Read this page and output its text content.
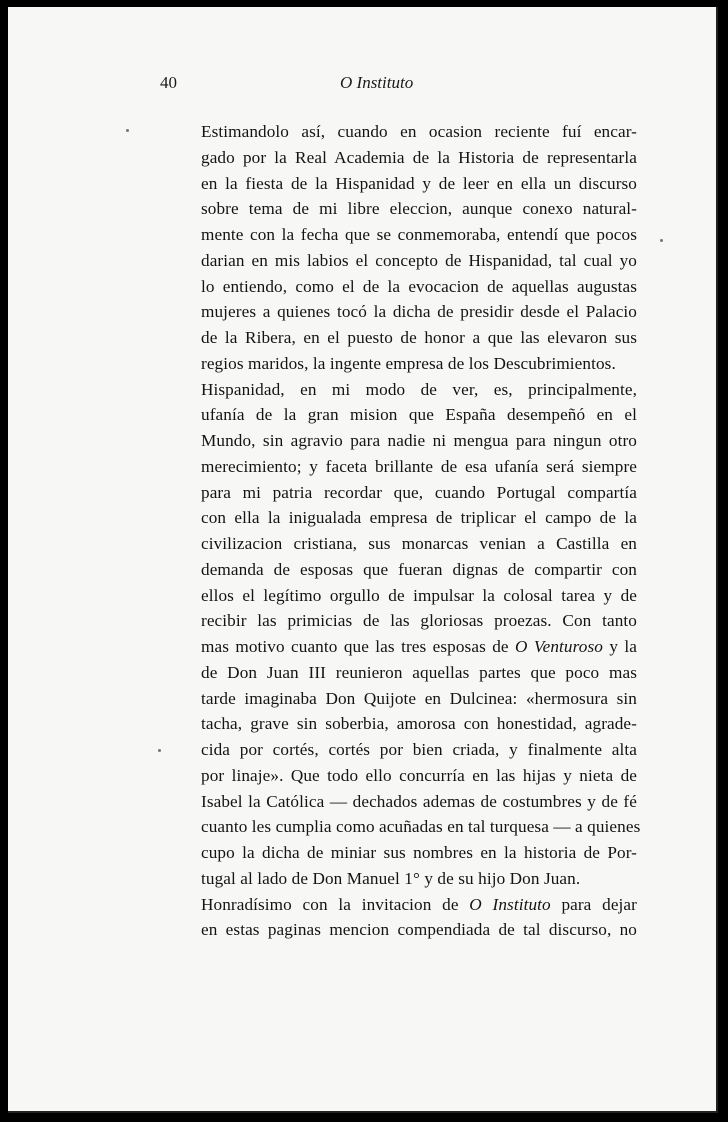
40	O Instituto
Estimandolo así, cuando en ocasion reciente fuí encar-
gado por la Real Academia de la Historia de representarla
en la fiesta de la Hispanidad y de leer en ella un discurso
sobre tema de mi libre eleccion, aunque conexo natural-
mente con la fecha que se conmemoraba, entendí que pocos
darian en mis labios el concepto de Hispanidad, tal cual yo
lo entiendo, como el de la evocacion de aquellas augustas
mujeres a quienes tocó la dicha de presidir desde el Palacio
de la Ribera, en el puesto de honor a que las elevaron sus
regios maridos, la ingente empresa de los Descubrimientos.
Hispanidad, en mi modo de ver, es, principalmente,
ufanía de la gran mision que España desempeñó en el
Mundo, sin agravio para nadie ni mengua para ningun otro
merecimiento; y faceta brillante de esa ufanía será siempre
para mi patria recordar que, cuando Portugal compartía
con ella la inigualada empresa de triplicar el campo de la
civilizacion cristiana, sus monarcas venian a Castilla en
demanda de esposas que fueran dignas de compartir con
ellos el legítimo orgullo de impulsar la colosal tarea y de
recibir las primicias de las gloriosas proezas. Con tanto
mas motivo cuanto que las tres esposas de O Venturoso y la
de Don Juan III reunieron aquellas partes que poco mas
tarde imaginaba Don Quijote en Dulcinea: «hermosura sin
tacha, grave sin soberbia, amorosa con honestidad, agrade-
cida por cortés, cortés por bien criada, y finalmente alta
por linaje». Que todo ello concurría en las hijas y nieta de
Isabel la Católica — dechados ademas de costumbres y de fé
cuanto les cumplia como acuñadas en tal turquesa — a quienes
cupo la dicha de miniar sus nombres en la historia de Por-
tugal al lado de Don Manuel 1° y de su hijo Don Juan.
Honradísimo con la invitacion de O Instituto para dejar
en estas paginas mencion compendiada de tal discurso, no
